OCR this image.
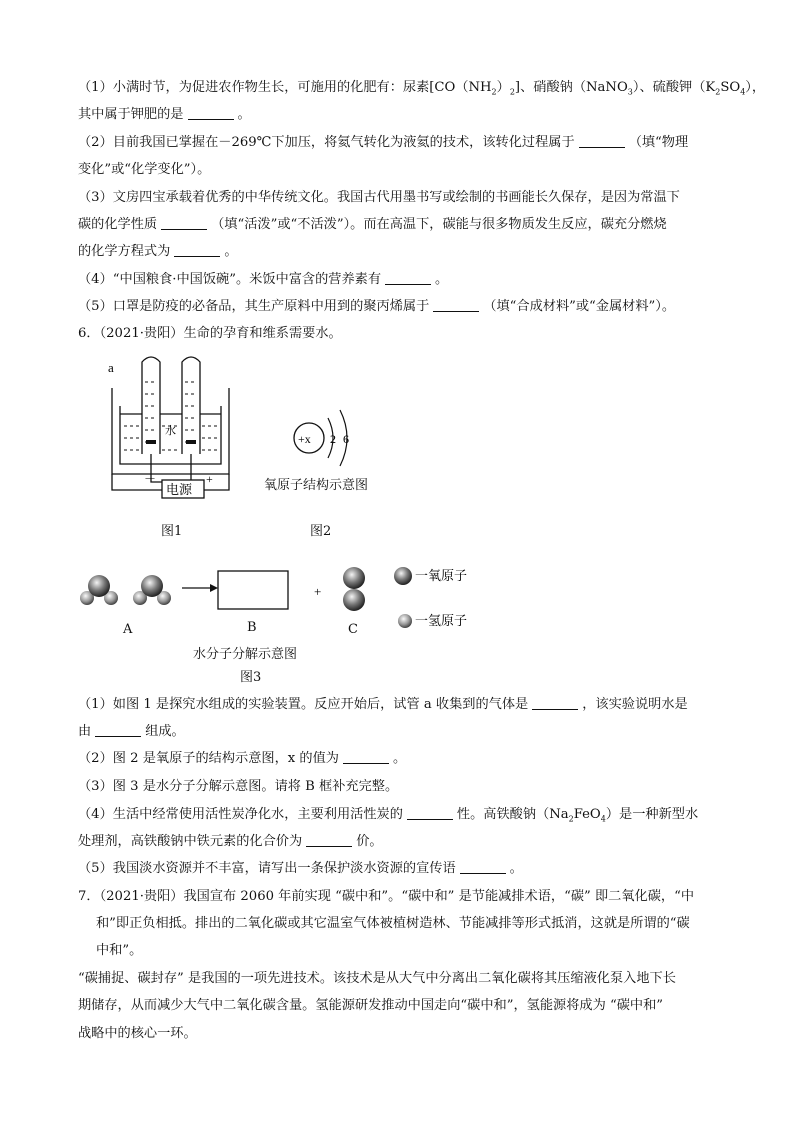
（1）小满时节，为促进农作物生长，可施用的化肥有：尿素$[CO(NH_2)_2]$、硝酸钠（NaNO$_3$）、硫酸钾$(K_2SO_4)$，
其中属于钾肥的是	。
（2）目前我国已掌握在－269℃下加压，将氦气转化为液氦的技术，该转化过程属于	（填“物理
变化”或“化学变化”）。
（3）文房四宝承载着优秀的中华传统文化。我国古代用墨书写或绘制的书画能长久保存，是因为常温下
碳的化学性质	（填“活泼”或“不活泼”）。而在高温下，碳能与很多物质发生反应，碳充分燃烧
的化学方程式为	。
（4）“中国粮食·中国饭碗”。米饭中富含的营养素有	。
（5）口罩是防疫的必备品，其生产原料中用到的聚丙烯属于	（填“合成材料”或“金属材料”）。
6．（2021·贵阳）生命的孕育和维系需要水。
a
水
－	+
电源
图1
+x 2 6
氧原子结构示意图
图2
+
一氧原子
一氢原子
A	B	C
水分子分解示意图
图3
（1）如图 1 是探究水组成的实验装置。反应开始后，试管 a 收集到的气体是	，该实验说明水是
由	组成。
（2）图 2 是氧原子的结构示意图，x 的值为	。
（3）图 3 是水分子分解示意图。请将 B 框补充完整。
（4）生活中经常使用活性炭净化水，主要利用活性炭的	性。高铁酸钠$(Na_2FeO_4)$是一种新型水
处理剂，高铁酸钠中铁元素的化合价为	价。
（5）我国淡水资源并不丰富，请写出一条保护淡水资源的宣传语	。
7．（2021·贵阳）我国宣布 2060 年前实现 “碳中和”。“碳中和” 是节能减排术语，“碳” 即二氧化碳，“中
和”即正负相抵。排出的二氧化碳或其它温室气体被植树造林、节能减排等形式抵消，这就是所谓的“碳
中和”。
“碳捕捉、碳封存” 是我国的一项先进技术。该技术是从大气中分离出二氧化碳将其压缩液化泵入地下长
期储存，从而减少大气中二氧化碳含量。氢能源研发推动中国走向“碳中和”，氢能源将成为 “碳中和”
战略中的核心一环。
